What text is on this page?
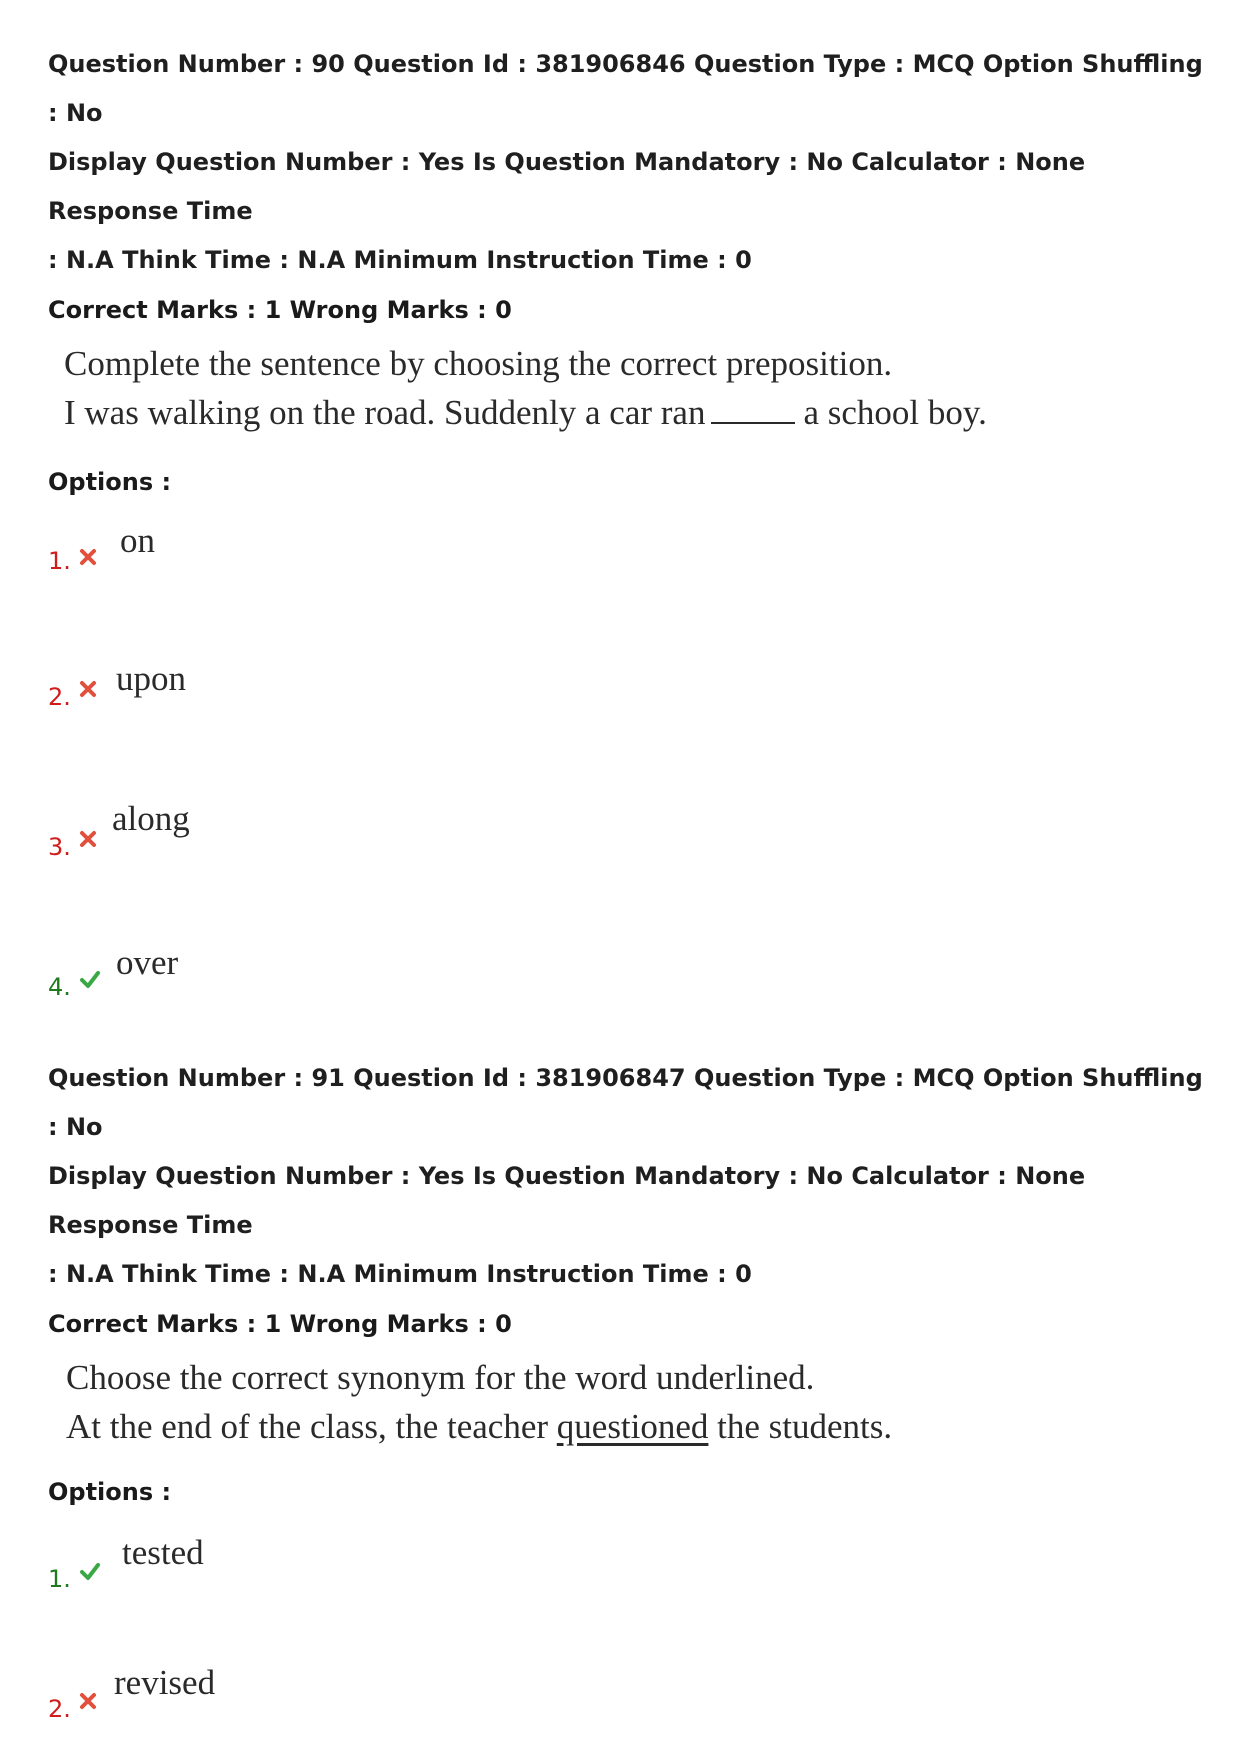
Question Number : 90 Question Id : 381906846 Question Type : MCQ Option Shuffling : No
Display Question Number : Yes Is Question Mandatory : No Calculator : None Response Time
: N.A Think Time : N.A Minimum Instruction Time : 0
Correct Marks : 1 Wrong Marks : 0
Complete the sentence by choosing the correct preposition.
I was walking on the road. Suddenly a car ran	a school boy.
Options :
1.
on
2. upon
3.
along
4.
over
Question Number : 91 Question Id : 381906847 Question Type : MCQ Option Shuffling : No
Display Question Number : Yes Is Question Mandatory : No Calculator : None Response Time
: N.A Think Time : N.A Minimum Instruction Time : 0
Correct Marks : 1 Wrong Marks : 0
Choose the correct synonym for the word underlined.
At the end of the class, the teacher questioned the students.
Options :
1.
tested
2.
revised
